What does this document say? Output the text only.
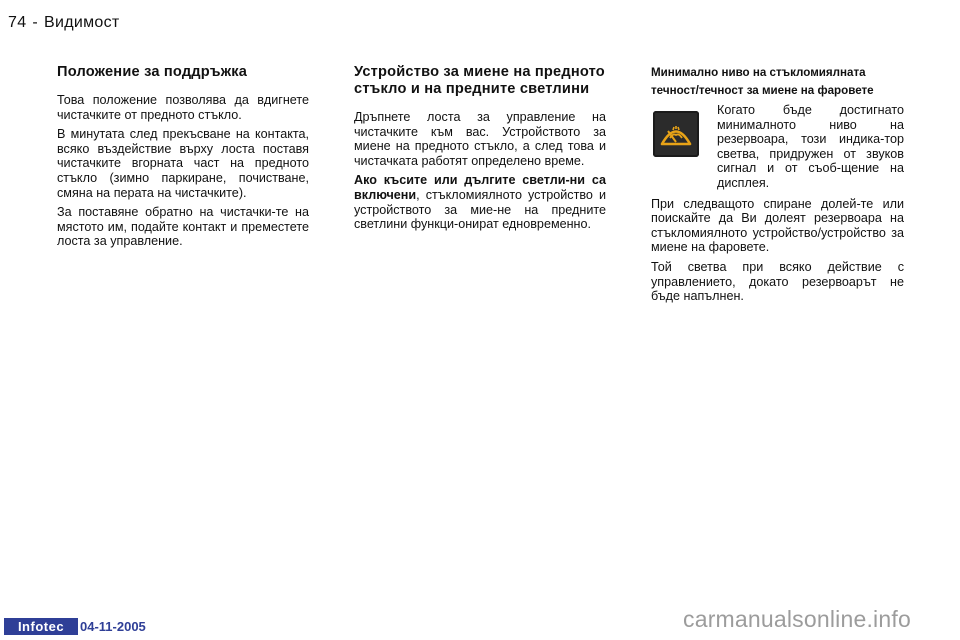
74 - Видимост
Положение за поддръжка

Това положение позволява да вдигнете чистачките от предното стъкло.

В минутата след прекъсване на контакта, всяко въздействие върху лоста поставя чистачките вгорната част на предното стъкло (зимно паркиране, почистване, смяна на перата на чистачките).

За поставяне обратно на чистачки-те на мястото им, подайте контакт и преместете лоста за управление.

Устройство за миене на предното стъкло и на предните светлини

Дръпнете лоста за управление на чистачките към вас. Устройството за миене на предното стъкло, а след това и чистачката работят определено време.

Ако къситe или дългите светли-ни са включени, стъкломиялното устройство и устройството за мие-не на предните светлини функци-онират едновременно.

Минимално ниво на стъкломиялната течност/течност за миене на фаровете

Когато бъде достигнато минималното ниво на резервоара, този индика-тор светва, придружен от звуков сигнал и от съоб-щение на дисплея.

При следващото спиране долей-те или поискайте да Ви долеят резервоара на стъкломиялното устройство/устройство за миене на фаровете.

Той светва при всяко действие с управлението, докато резервоарът не бъде напълнен.

Infotec	04-11-2005	carmanualsonline.info
